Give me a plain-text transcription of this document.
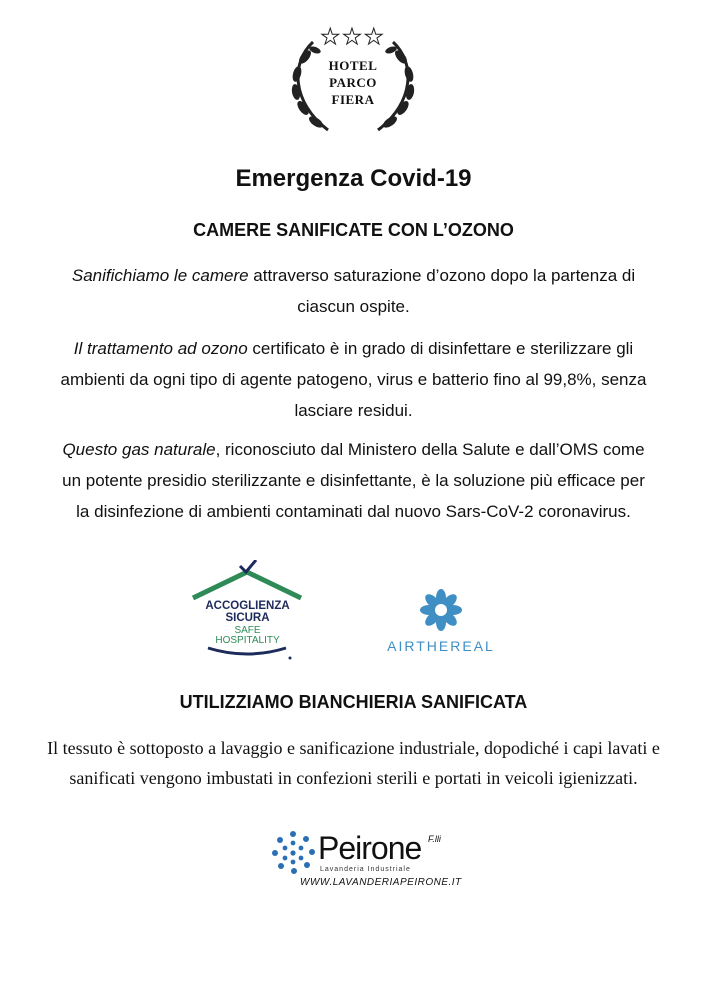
★★★
HOTEL
PARCO
FIERA
Emergenza Covid-19
CAMERE SANIFICATE CON L’OZONO
Sanifichiamo le camere attraverso saturazione d’ozono dopo la partenza di ciascun ospite.
Il trattamento ad ozono certificato è in grado di disinfettare e sterilizzare gli ambienti da ogni tipo di agente patogeno, virus e batterio fino al 99,8%, senza lasciare residui.
Questo gas naturale, riconosciuto dal Ministero della Salute e dall’OMS come un potente presidio sterilizzante e disinfettante, è la soluzione più efficace per la disinfezione di ambienti contaminati dal nuovo Sars-CoV-2 coronavirus.
ACCOGLIENZA
SICURA
SAFE
HOSPITALITY	AIRTHEREAL
UTILIZZIAMO BIANCHIERIA SANIFICATA
Il tessuto è sottoposto a lavaggio e sanificazione industriale, dopodiché i capi lavati e sanificati vengono imbustati in confezioni sterili e portati in veicoli igienizzati.
Peirone F.lli
Lavanderia Industriale
WWW.LAVANDERIAPEIRONE.IT
